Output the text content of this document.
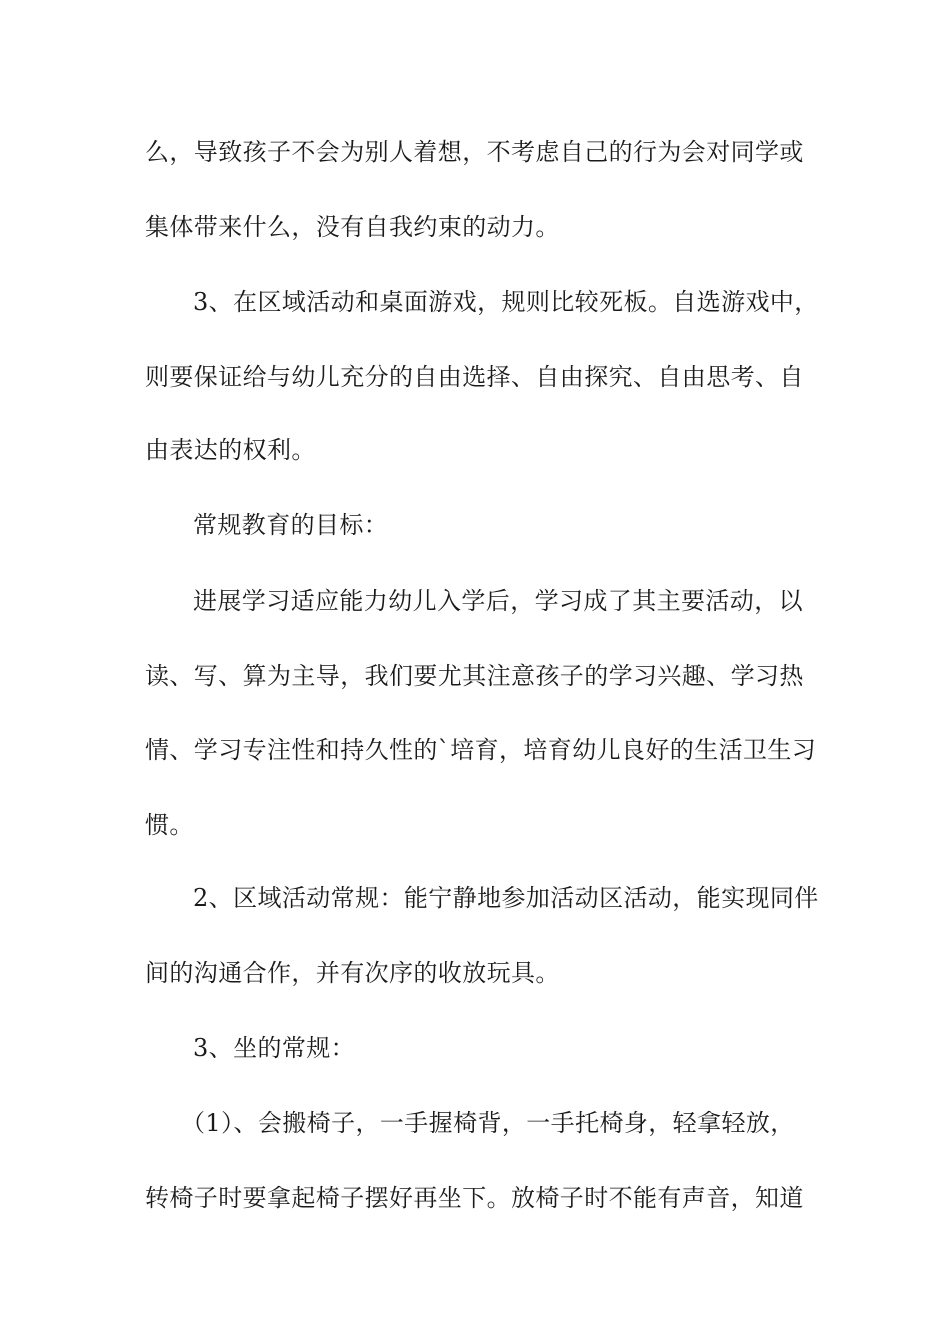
么，导致孩子不会为别人着想，不考虑自己的行为会对同学或
集体带来什么，没有自我约束的动力。
3、在区域活动和桌面游戏，规则比较死板。自选游戏中，
则要保证给与幼儿充分的自由选择、自由探究、自由思考、自
由表达的权利。
常规教育的目标：
进展学习适应能力幼儿入学后，学习成了其主要活动，以
读、写、算为主导，我们要尤其注意孩子的学习兴趣、学习热
情、学习专注性和持久性的`培育，培育幼儿良好的生活卫生习
惯。
2、区域活动常规：能宁静地参加活动区活动，能实现同伴
间的沟通合作，并有次序的收放玩具。
3、坐的常规：
（1）、会搬椅子，一手握椅背，一手托椅身，轻拿轻放，
转椅子时要拿起椅子摆好再坐下。放椅子时不能有声音，知道
